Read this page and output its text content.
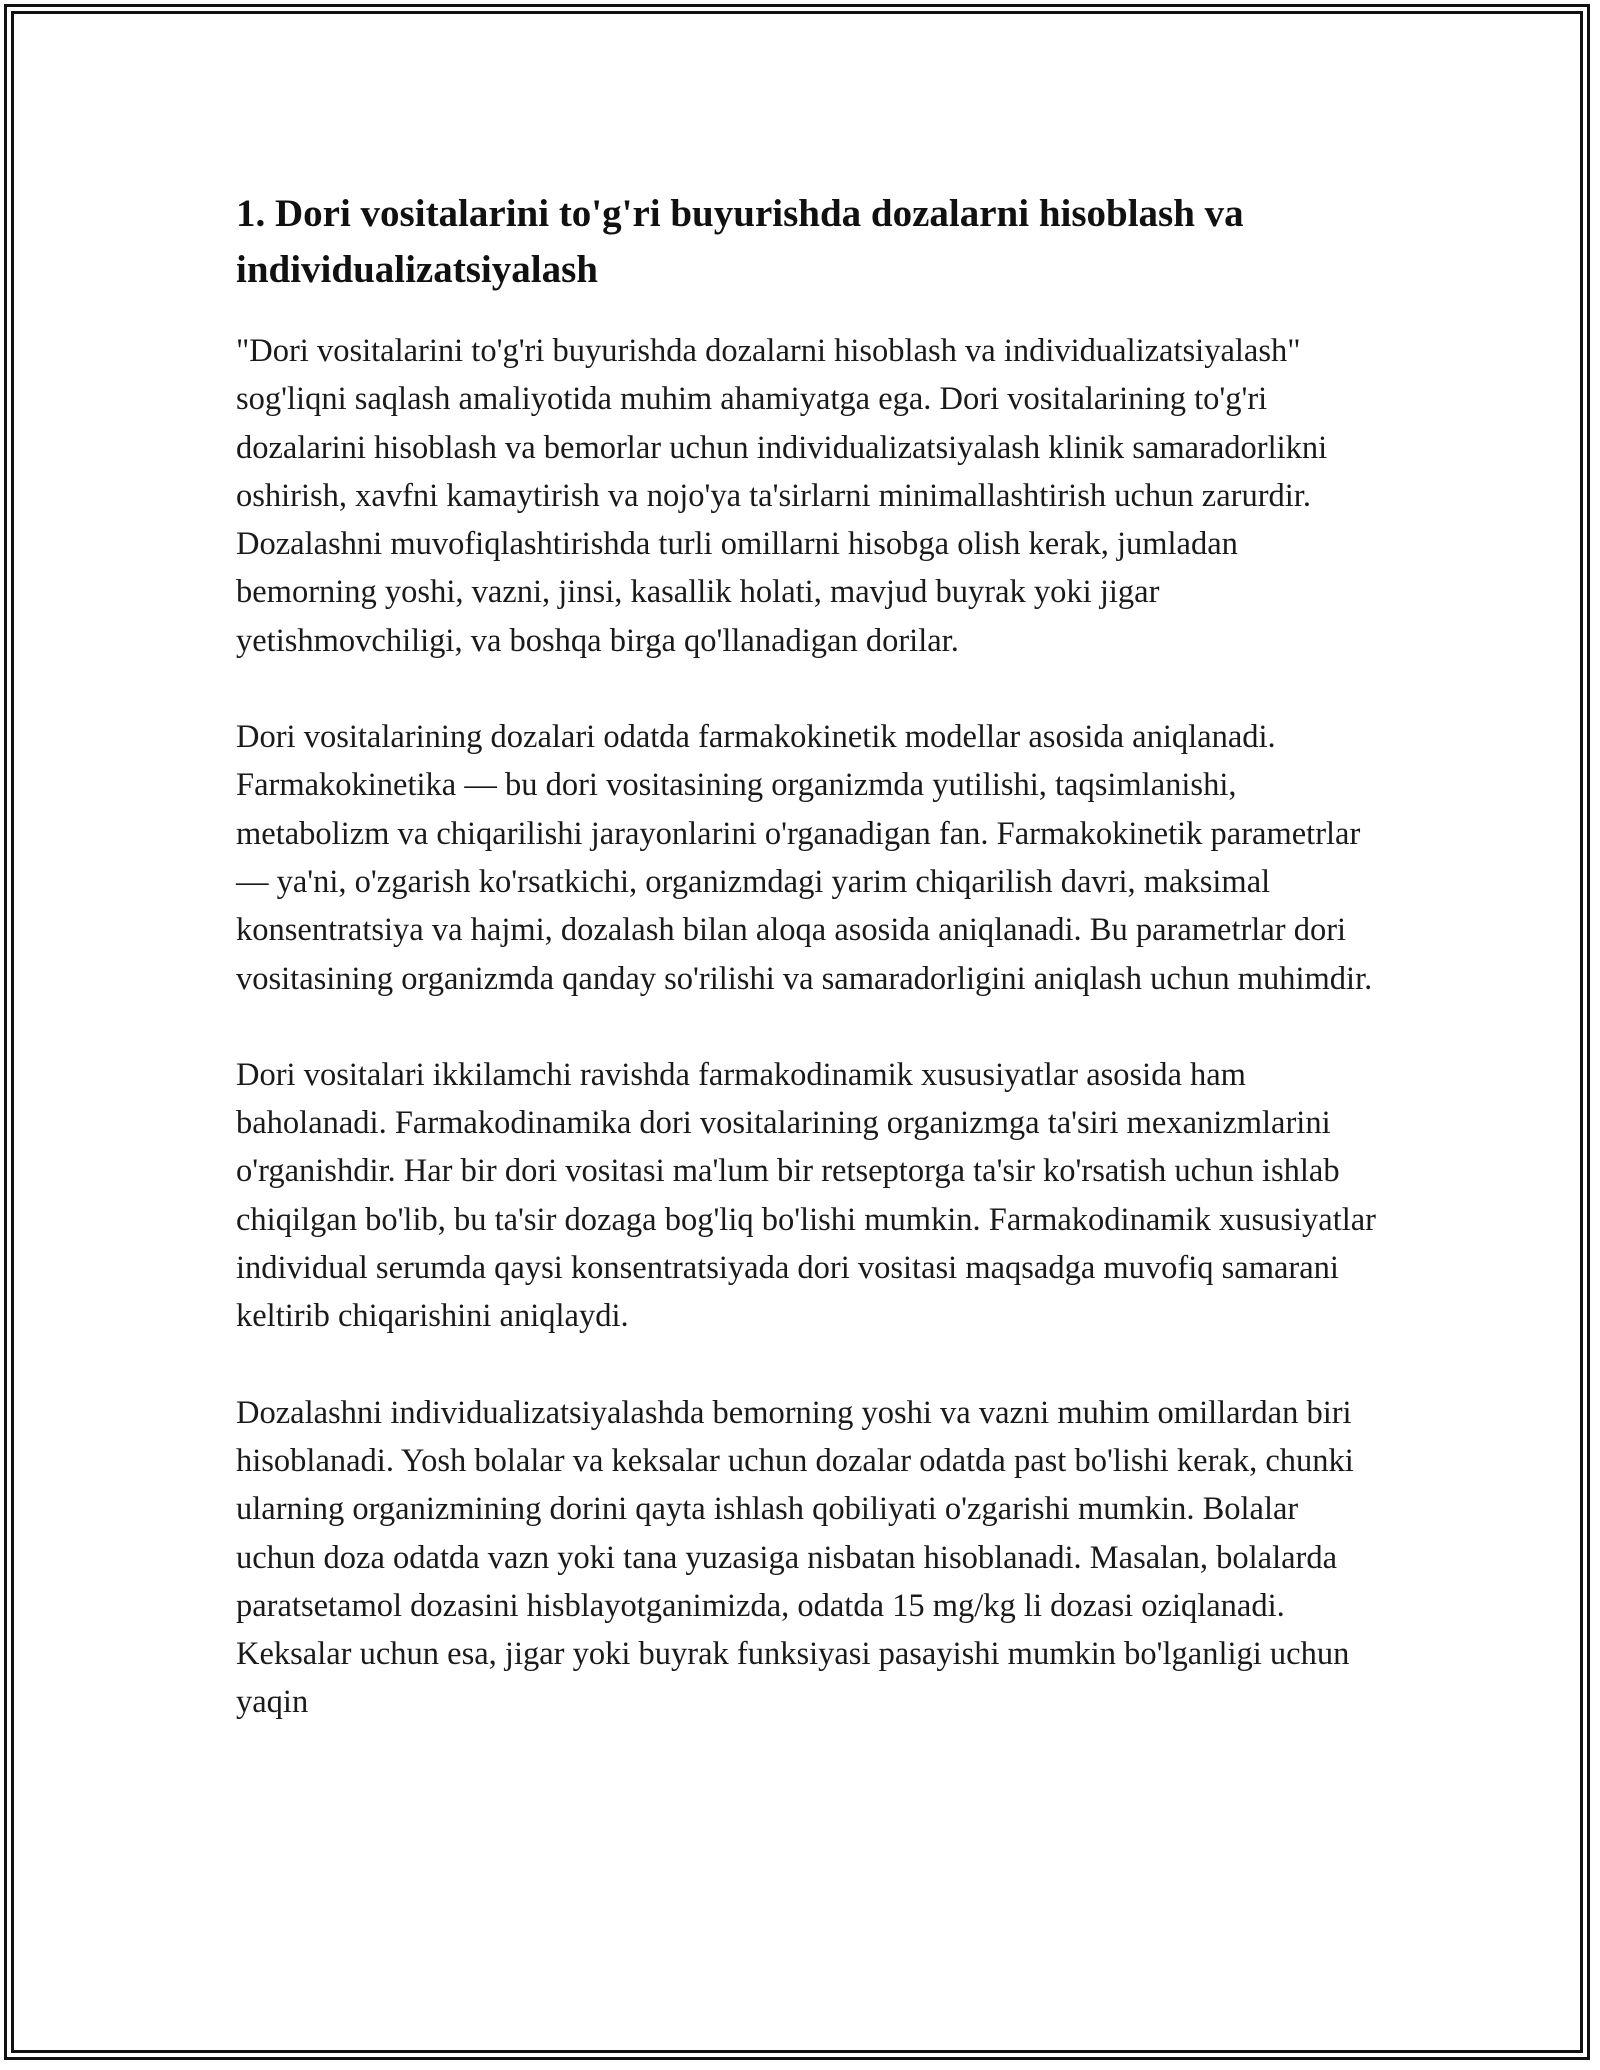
1. Dori vositalarini to'g'ri buyurishda dozalarni hisoblash va individualizatsiyalash

"Dori vositalarini to'g'ri buyurishda dozalarni hisoblash va individualizatsiyalash" sog'liqni saqlash amaliyotida muhim ahamiyatga ega. Dori vositalarining to'g'ri dozalarini hisoblash va bemorlar uchun individualizatsiyalash klinik samaradorlikni oshirish, xavfni kamaytirish va nojo'ya ta'sirlarni minimallashtirish uchun zarurdir. Dozalashni muvofiqlashtirishda turli omillarni hisobga olish kerak, jumladan bemorning yoshi, vazni, jinsi, kasallik holati, mavjud buyrak yoki jigar yetishmovchiligi, va boshqa birga qo'llanadigan dorilar.

Dori vositalarining dozalari odatda farmakokinetik modellar asosida aniqlanadi. Farmakokinetika — bu dori vositasining organizmda yutilishi, taqsimlanishi, metabolizm va chiqarilishi jarayonlarini o'rganadigan fan. Farmakokinetik parametrlar — ya'ni, o'zgarish ko'rsatkichi, organizmdagi yarim chiqarilish davri, maksimal konsentratsiya va hajmi, dozalash bilan aloqa asosida aniqlanadi. Bu parametrlar dori vositasining organizmda qanday so'rilishi va samaradorligini aniqlash uchun muhimdir.

Dori vositalari ikkilamchi ravishda farmakodinamik xususiyatlar asosida ham baholanadi. Farmakodinamika dori vositalarining organizmga ta'siri mexanizmlarini o'rganishdir. Har bir dori vositasi ma'lum bir retseptorga ta'sir ko'rsatish uchun ishlab chiqilgan bo'lib, bu ta'sir dozaga bog'liq bo'lishi mumkin. Farmakodinamik xususiyatlar individual serumda qaysi konsentratsiyada dori vositasi maqsadga muvofiq samarani keltirib chiqarishini aniqlaydi.

Dozalashni individualizatsiyalashda bemorning yoshi va vazni muhim omillardan biri hisoblanadi. Yosh bolalar va keksalar uchun dozalar odatda past bo'lishi kerak, chunki ularning organizmining dorini qayta ishlash qobiliyati o'zgarishi mumkin. Bolalar uchun doza odatda vazn yoki tana yuzasiga nisbatan hisoblanadi. Masalan, bolalarda paratsetamol dozasini hisblayotganimizda, odatda 15 mg/kg li dozasi oziqlanadi. Keksalar uchun esa, jigar yoki buyrak funksiyasi pasayishi mumkin bo'lganligi uchun yaqin
